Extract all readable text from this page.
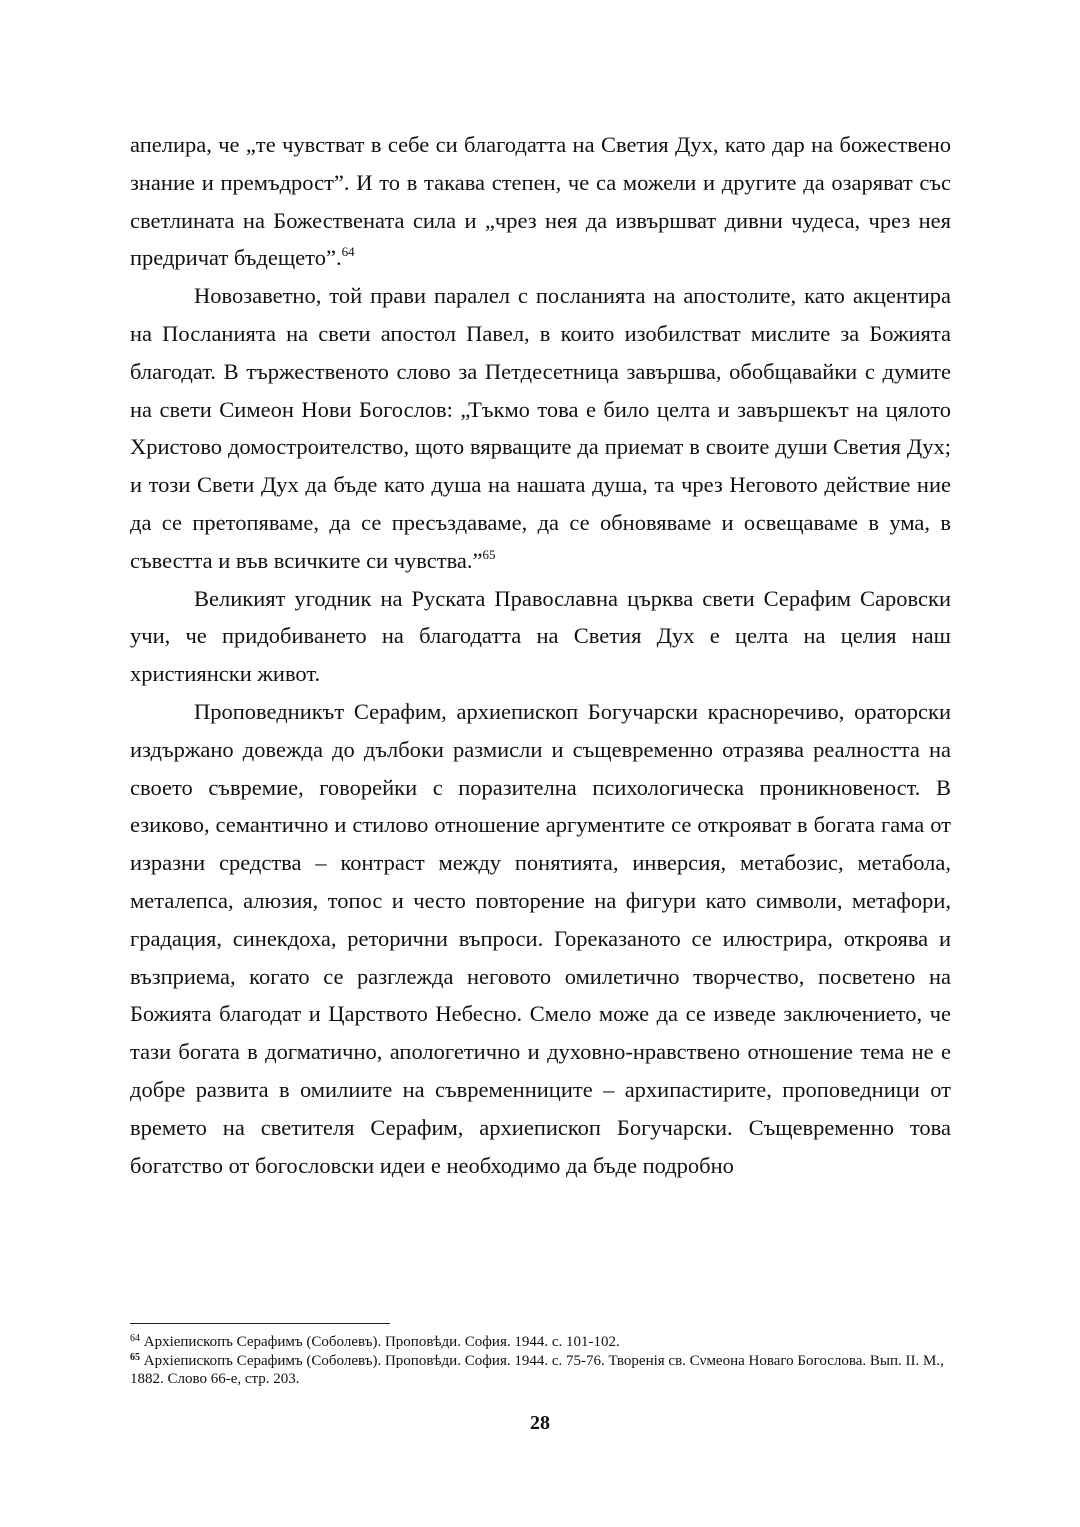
апелира, че „те чувстват в себе си благодатта на Светия Дух, като дар на божествено знание и премъдрост”. И то в такава степен, че са можели и другите да озаряват със светлината на Божествената сила и „чрез нея да извършват дивни чудеса, чрез нея предричат бъдещето”.$^{64}$

Новозаветно, той прави паралел с посланията на апостолите, като акцентира на Посланията на свети апостол Павел, в които изобилстват мислите за Божията благодат. В тържественото слово за Петдесетница завършва, обобщавайки с думите на свети Симеон Нови Богослов: „Тъкмо това е било целта и завършекът на цялото Христово домостроителство, щото вярващите да приемат в своите души Светия Дух; и този Свети Дух да бъде като душа на нашата душа, та чрез Неговото действие ние да се претопяваме, да се пресъздаваме, да се обновяваме и освещаваме в ума, в съвестта и във всичките си чувства.”$^{65}$

Великият угодник на Руската Православна църква свети Серафим Саровски учи, че придобиването на благодатта на Светия Дух е целта на целия наш християнски живот.

Проповедникът Серафим, архиепископ Богучарски красноречиво, ораторски издържано довежда до дълбоки размисли и същевременно отразява реалността на своето съвремие, говорейки с поразителна психологическа проникновеност. В езиково, семантично и стилово отношение аргументите се открояват в богата гама от изразни средства – контраст между понятията, инверсия, метабозис, метабола, металепса, алюзия, топос и често повторение на фигури като символи, метафори, градация, синекдоха, реторични въпроси. Гореказаното се илюстрира, откроява и възприема, когато се разглежда неговото омилетично творчество, посветено на Божията благодат и Царството Небесно. Смело може да се изведе заключението, че тази богата в догматично, апологетично и духовно-нравствено отношение тема не е добре развита в омилиите на съвременниците – архипастирите, проповедници от времето на светителя Серафим, архиепископ Богучарски. Същевременно това богатство от богословски идеи е необходимо да бъде подробно

$^{64}$ Архіепископъ Серафимъ (Соболевъ). Проповѣди. София. 1944. с. 101-102.

$^{65}$ Архіепископъ Серафимъ (Соболевъ). Проповѣди. София. 1944. с. 75-76. Творенія св. Сνмеона Новаго Богослова. Вып. II. М., 1882. Слово 66-е, стр. 203.

28
